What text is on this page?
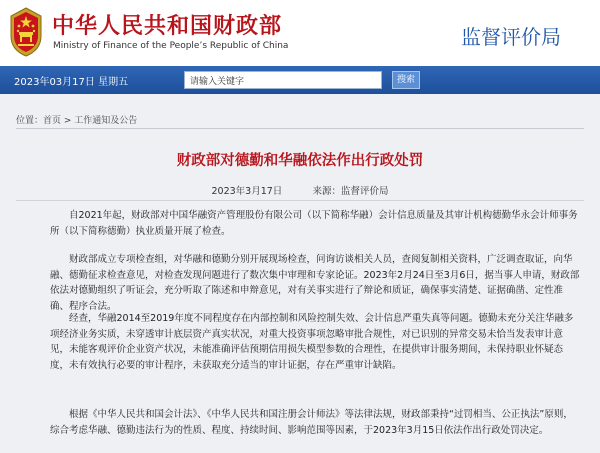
中华人民共和国财政部
Ministry of Finance of the People’s Republic of China	监督评价局
2023年03月17日 星期五
请输入关键字	搜索
位置：首页 > 工作通知及公告
财政部对德勤和华融依法作出行政处罚
2023年3月17日	来源：监督评价局

自2021年起，财政部对中国华融资产管理股份有限公司（以下简称华融）会计信息质量及其审计机构德勤华永会计师事务所（以下简称德勤）执业质量开展了检查。

财政部成立专项检查组，对华融和德勤分别开展现场检查，问询访谈相关人员，查阅复制相关资料，广泛调查取证，向华融、德勤征求检查意见，对检查发现问题进行了数次集中审理和专家论证。2023年2月24日至3月6日，据当事人申请，财政部依法对德勤组织了听证会，充分听取了陈述和申辩意见，对有关事实进行了辩论和质证，确保事实清楚、证据确凿、定性准确、程序合法。

经查，华融2014至2019年度不同程度存在内部控制和风险控制失效、会计信息严重失真等问题。德勤未充分关注华融多项经济业务实质，未穿透审计底层资产真实状况，对重大投资事项忽略审批合规性，对已识别的异常交易未恰当发表审计意见，未能客观评价企业资产状况，未能准确评估预期信用损失模型参数的合理性，在提供审计服务期间，未保持职业怀疑态度，未有效执行必要的审计程序，未获取充分适当的审计证据，存在严重审计缺陷。

根据《中华人民共和国会计法》、《中华人民共和国注册会计师法》等法律法规，财政部秉持“过罚相当、公正执法”原则，综合考虑华融、德勤违法行为的性质、程度、持续时间、影响范围等因素，于2023年3月15日依法作出行政处罚决定。
